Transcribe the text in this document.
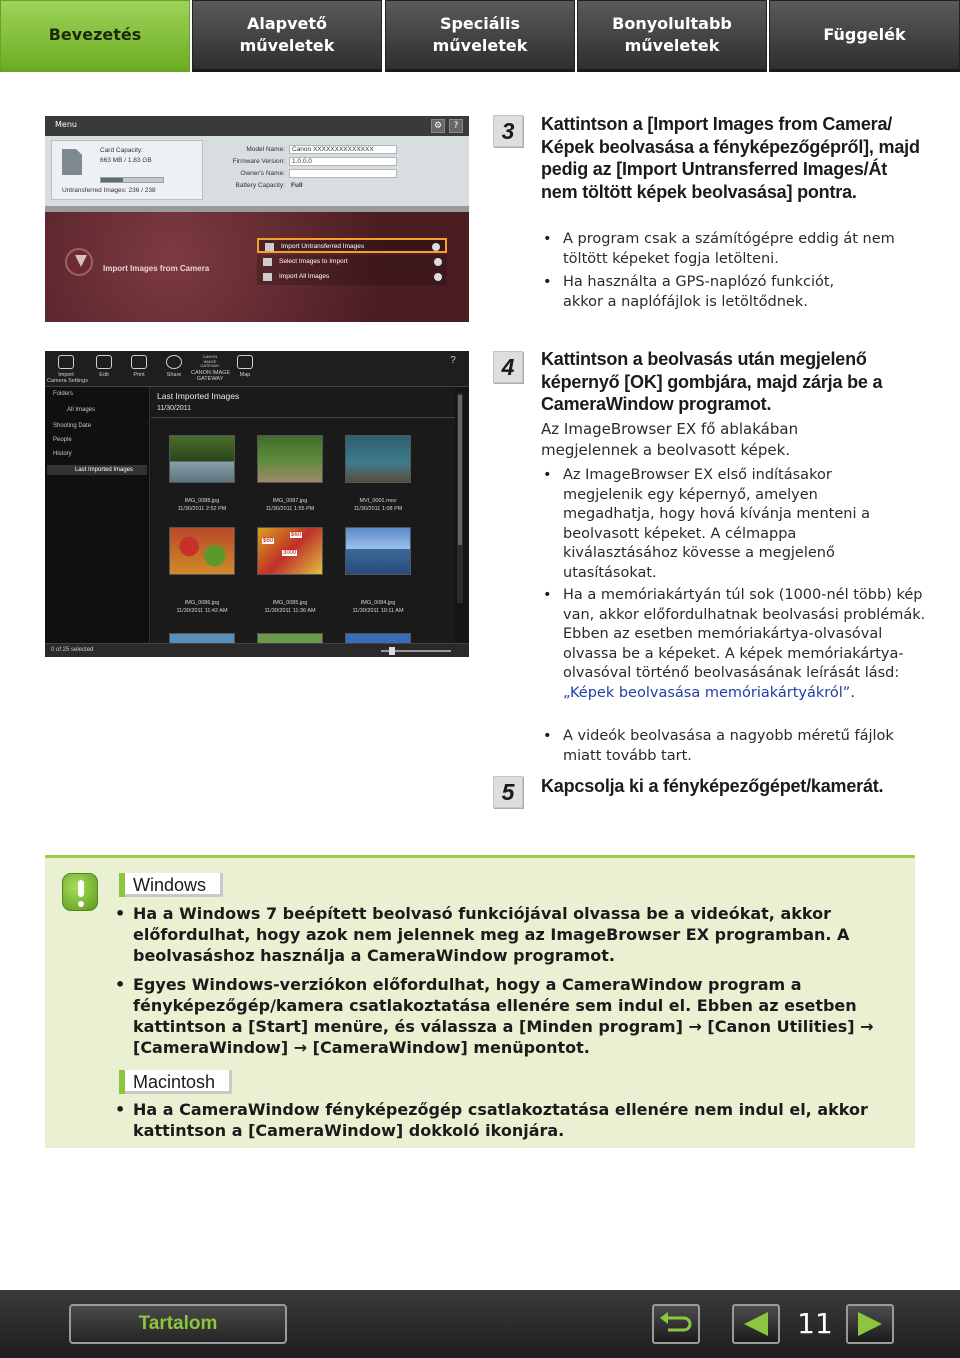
Bevezetés
Alapvető
műveletek
Speciális
műveletek
Bonyolultabb
műveletek
Függelék
Menu	⚙	?
Card Capacity:
663 MB / 1.83 GB
Untransferred Images: 236 / 238
Model Name: Canon XXXXXXXXXXXXXX
Firmware Version: 1.0.0.0
Owner's Name:
Battery Capacity: Full
Import Images from Camera
Import Untransferred Images
Select Images to Import
Import All Images
Import
Camera Settings
Edit	Print	Share
CANON
IMAGE
GATEWAY
CANON IMAGE
GATEWAY
Map
?
Folders
All Images
Shooting Date
People
History
Last Imported Images
Last Imported Images
11/30/2011
IMG_0088.jpg
11/30/2011 2:52 PM
IMG_0087.jpg
11/30/2011 1:55 PM
MVI_0001.mov
11/30/2011 1:08 PM
IMG_0086.jpg
11/30/2011 11:42 AM
$60
$60
3000
IMG_0085.jpg
11/30/2011 11:36 AM
IMG_0084.jpg
11/30/2011 10:11 AM
0 of 25 selected
3	Kattintson a [Import Images from Camera/ Képek beolvasása a fényképezőgépről], majd pedig az [Import Untransferred Images/Át nem töltött képek beolvasása] pontra.
• A program csak a számítógépre eddig át nem töltött képeket fogja letölteni.
• Ha használta a GPS-naplózó funkciót, akkor a naplófájlok is letöltődnek.
4	Kattintson a beolvasás után megjelenő képernyő [OK] gombjára, majd zárja be a CameraWindow programot.
Az ImageBrowser EX fő ablakában megjelennek a beolvasott képek.
• Az ImageBrowser EX első indításakor megjelenik egy képernyő, amelyen megadhatja, hogy hová kívánja menteni a beolvasott képeket. A célmappa kiválasztásához kövesse a megjelenő utasításokat.
• Ha a memóriakártyán túl sok (1000-nél több) kép van, akkor előfordulhatnak beolvasási problémák. Ebben az esetben memóriakártya-olvasóval olvassa be a képeket. A képek memóriakártya-olvasóval történő beolvasásának leírását lásd: „Képek beolvasása memóriakártyákról”.
• A videók beolvasása a nagyobb méretű fájlok miatt tovább tart.
5	Kapcsolja ki a fényképezőgépet/kamerát.
Windows
• Ha a Windows 7 beépített beolvasó funkciójával olvassa be a videókat, akkor előfordulhat, hogy azok nem jelennek meg az ImageBrowser EX programban. A beolvasáshoz használja a CameraWindow programot.
• Egyes Windows-verziókon előfordulhat, hogy a CameraWindow program a fényképezőgép/kamera csatlakoztatása ellenére sem indul el. Ebben az esetben kattintson a [Start] menüre, és válassza a [Minden program] → [Canon Utilities] → [CameraWindow] → [CameraWindow] menüpontot.
Macintosh
• Ha a CameraWindow fényképezőgép csatlakoztatása ellenére nem indul el, akkor kattintson a [CameraWindow] dokkoló ikonjára.
Tartalom	11
